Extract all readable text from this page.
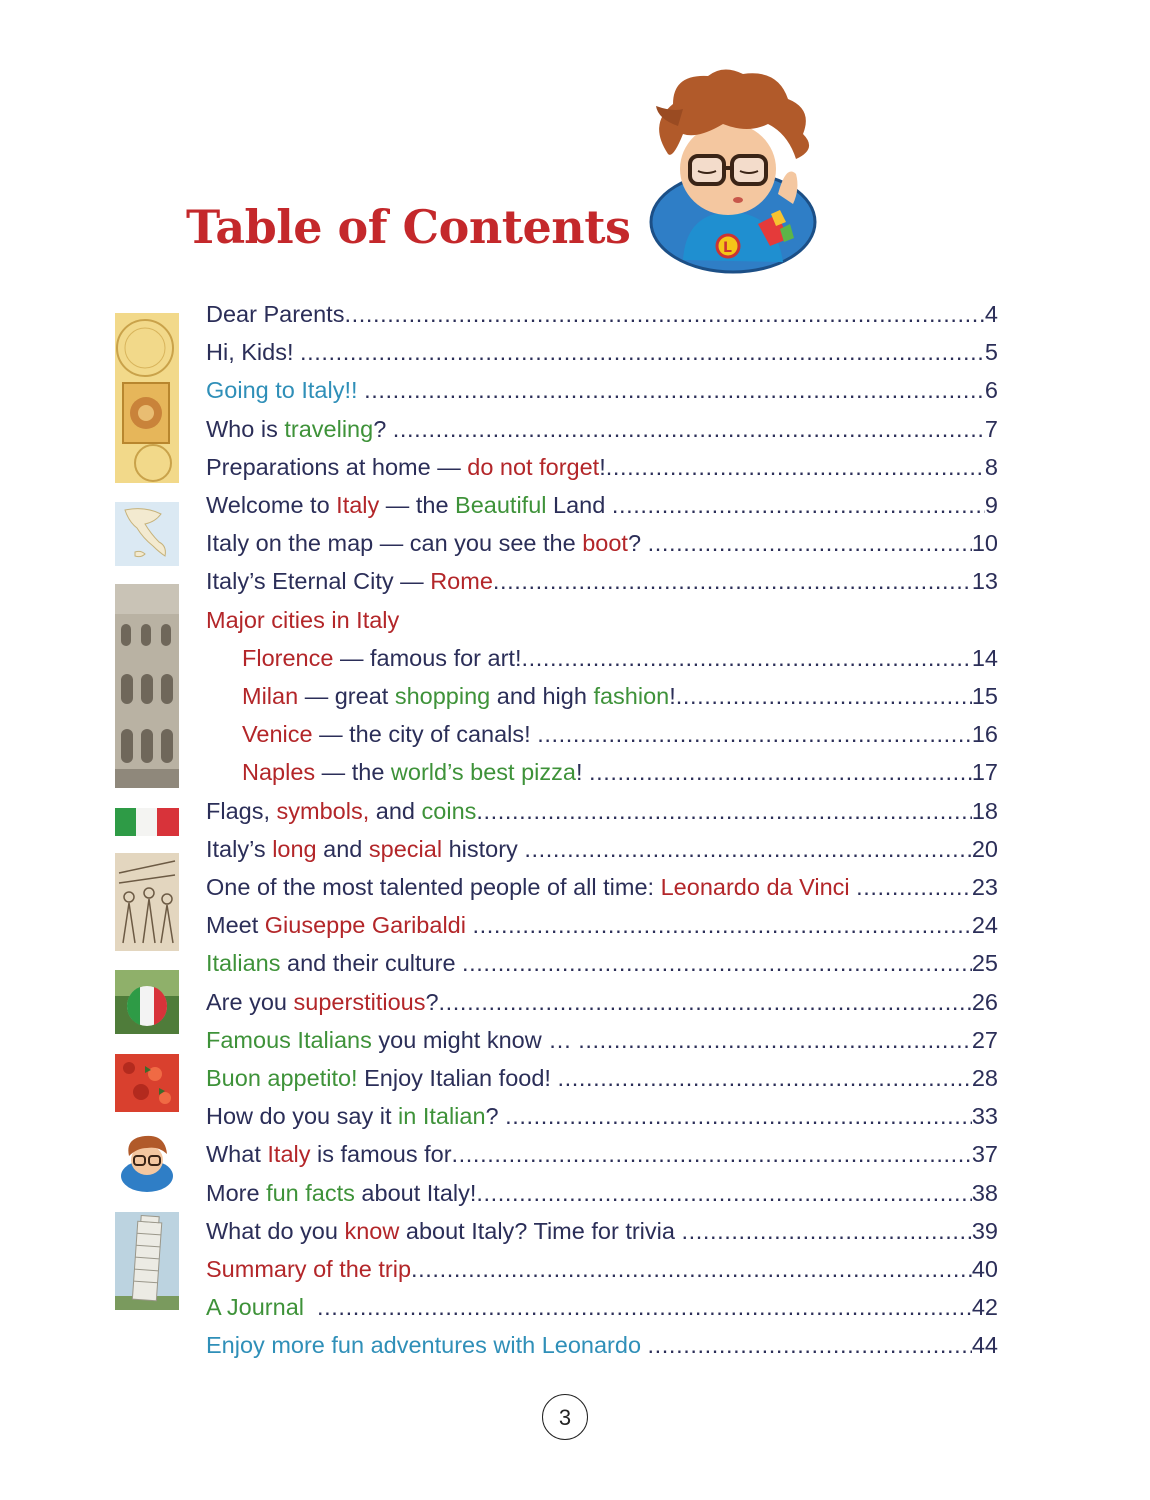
Table of Contents	L
Dear Parents .....	4
Hi, Kids! .....	5
Going to Italy!! .....	6
Who is traveling? .....	7
Preparations at home — do not forget! .....	8
Welcome to Italy — the Beautiful Land .....	9
Italy on the map — can you see the boot? .....	10
Italy’s Eternal City — Rome .....	13
Major cities in Italy
Florence — famous for art! .....	14
Milan — great shopping and high fashion! .....	15
Venice — the city of canals! .....	16
Naples — the world’s best pizza! .....	17
Flags, symbols, and coins .....	18
Italy’s long and special history .....	20
One of the most talented people of all time: Leonardo da Vinci .....	23
Meet Giuseppe Garibaldi .....	24
Italians and their culture .....	25
Are you superstitious? .....	26
Famous Italians you might know … .....	27
Buon appetito! Enjoy Italian food! .....	28
How do you say it in Italian? .....	33
What Italy is famous for .....	37
More fun facts about Italy! .....	38
What do you know about Italy? Time for trivia .....	39
Summary of the trip .....	40
A Journal .....	42
Enjoy more fun adventures with Leonardo .....	44
3
